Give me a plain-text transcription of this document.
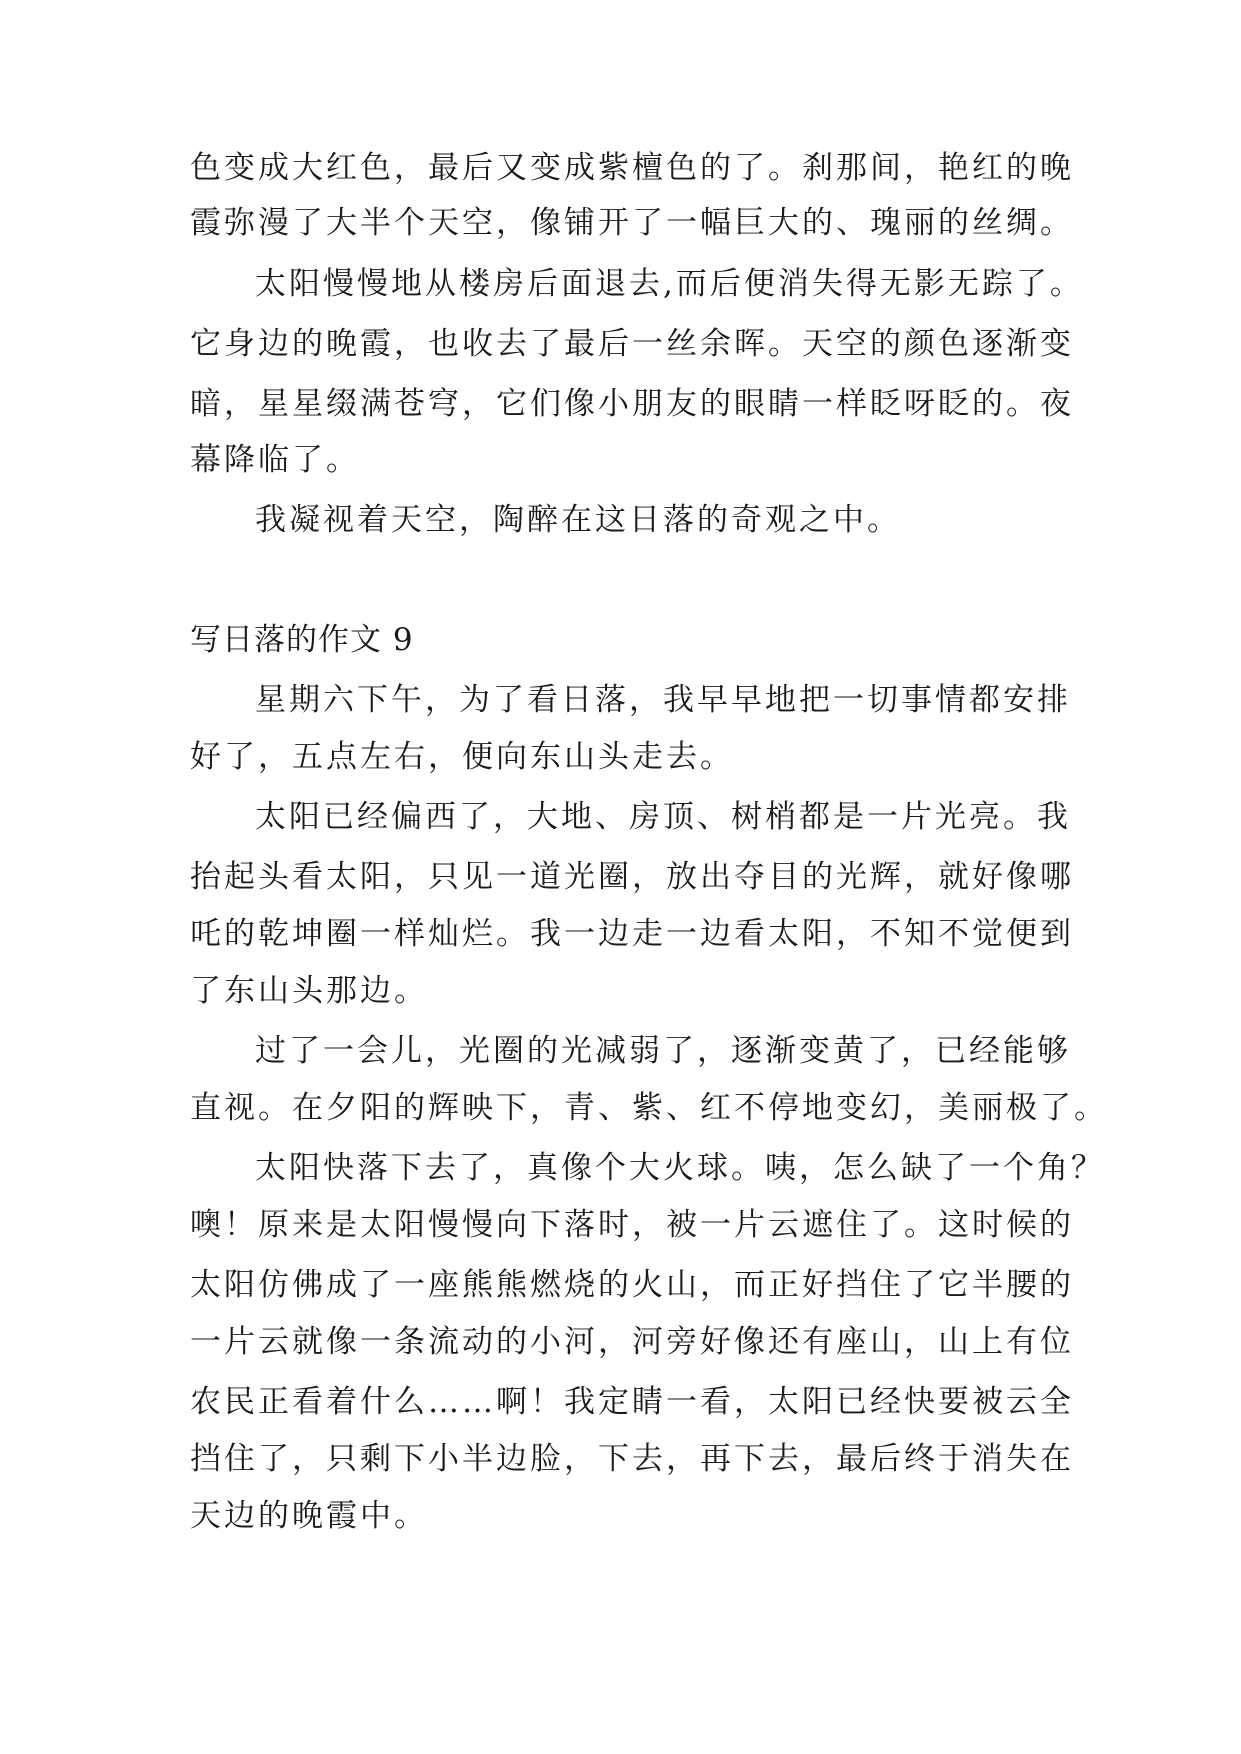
色变成大红色，最后又变成紫檀色的了。刹那间，艳红的晚
霞弥漫了大半个天空，像铺开了一幅巨大的、瑰丽的丝绸。
太阳慢慢地从楼房后面退去,而后便消失得无影无踪了。
它身边的晚霞，也收去了最后一丝余晖。天空的颜色逐渐变
暗，星星缀满苍穹，它们像小朋友的眼睛一样眨呀眨的。夜
幕降临了。
我凝视着天空，陶醉在这日落的奇观之中。
写日落的作文 9
星期六下午，为了看日落，我早早地把一切事情都安排
好了，五点左右，便向东山头走去。
太阳已经偏西了，大地、房顶、树梢都是一片光亮。我
抬起头看太阳，只见一道光圈，放出夺目的光辉，就好像哪
吒的乾坤圈一样灿烂。我一边走一边看太阳，不知不觉便到
了东山头那边。
过了一会儿，光圈的光减弱了，逐渐变黄了，已经能够
直视。在夕阳的辉映下，青、紫、红不停地变幻，美丽极了。
太阳快落下去了，真像个大火球。咦，怎么缺了一个角？
噢！原来是太阳慢慢向下落时，被一片云遮住了。这时候的
太阳仿佛成了一座熊熊燃烧的火山，而正好挡住了它半腰的
一片云就像一条流动的小河，河旁好像还有座山，山上有位
农民正看着什么……啊！我定睛一看，太阳已经快要被云全
挡住了，只剩下小半边脸，下去，再下去，最后终于消失在
天边的晚霞中。
